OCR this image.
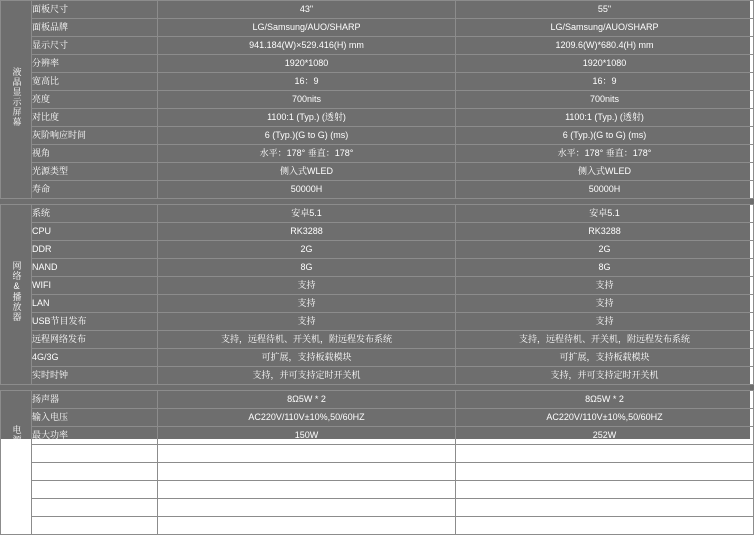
液晶显示屏幕	面板尺寸	43"	55"
	面板品牌	LG/Samsung/AUO/SHARP	LG/Samsung/AUO/SHARP
	显示尺寸	941.184(W)×529.416(H) mm	1209.6(W)*680.4(H) mm
	分辨率	1920*1080	1920*1080
	宽高比	16：9	16：9
	亮度	700nits	700nits
	对比度	1100:1 (Typ.) (透射)	1100:1 (Typ.) (透射)
	灰阶响应时间	6 (Typ.)(G to G) (ms)	6 (Typ.)(G to G) (ms)
	视角	水平：178° 垂直：178°	水平：178° 垂直：178°
	光源类型	侧入式WLED	侧入式WLED
	寿命	50000H	50000H

网络&播放器	系统	安卓5.1	安卓5.1
	CPU	RK3288	RK3288
	DDR	2G	2G
	NAND	8G	8G
	WIFI	支持	支持
	LAN	支持	支持
	USB节目发布	支持	支持
	远程网络发布	支持，远程待机、开关机，附远程发布系统	支持，远程待机、开关机，附远程发布系统
	4G/3G	可扩展，支持板载模块	可扩展，支持板载模块
	实时时钟	支持，并可支持定时开关机	支持，并可支持定时开关机

电源和使用环境	扬声器	8Ω5W * 2	8Ω5W * 2
	输入电压	AC220V/110V±10%,50/60HZ	AC220V/110V±10%,50/60HZ
	最大功率	150W	252W
	使用环境	户内	户内
	环境温度	0°C ～ +40°C	0°C ～ +40°C
	环境湿度	10% ～ 80%	10% ～ 80%
	海拔高度	≤2000m	≤2000m
	重量	TBD	TBD
